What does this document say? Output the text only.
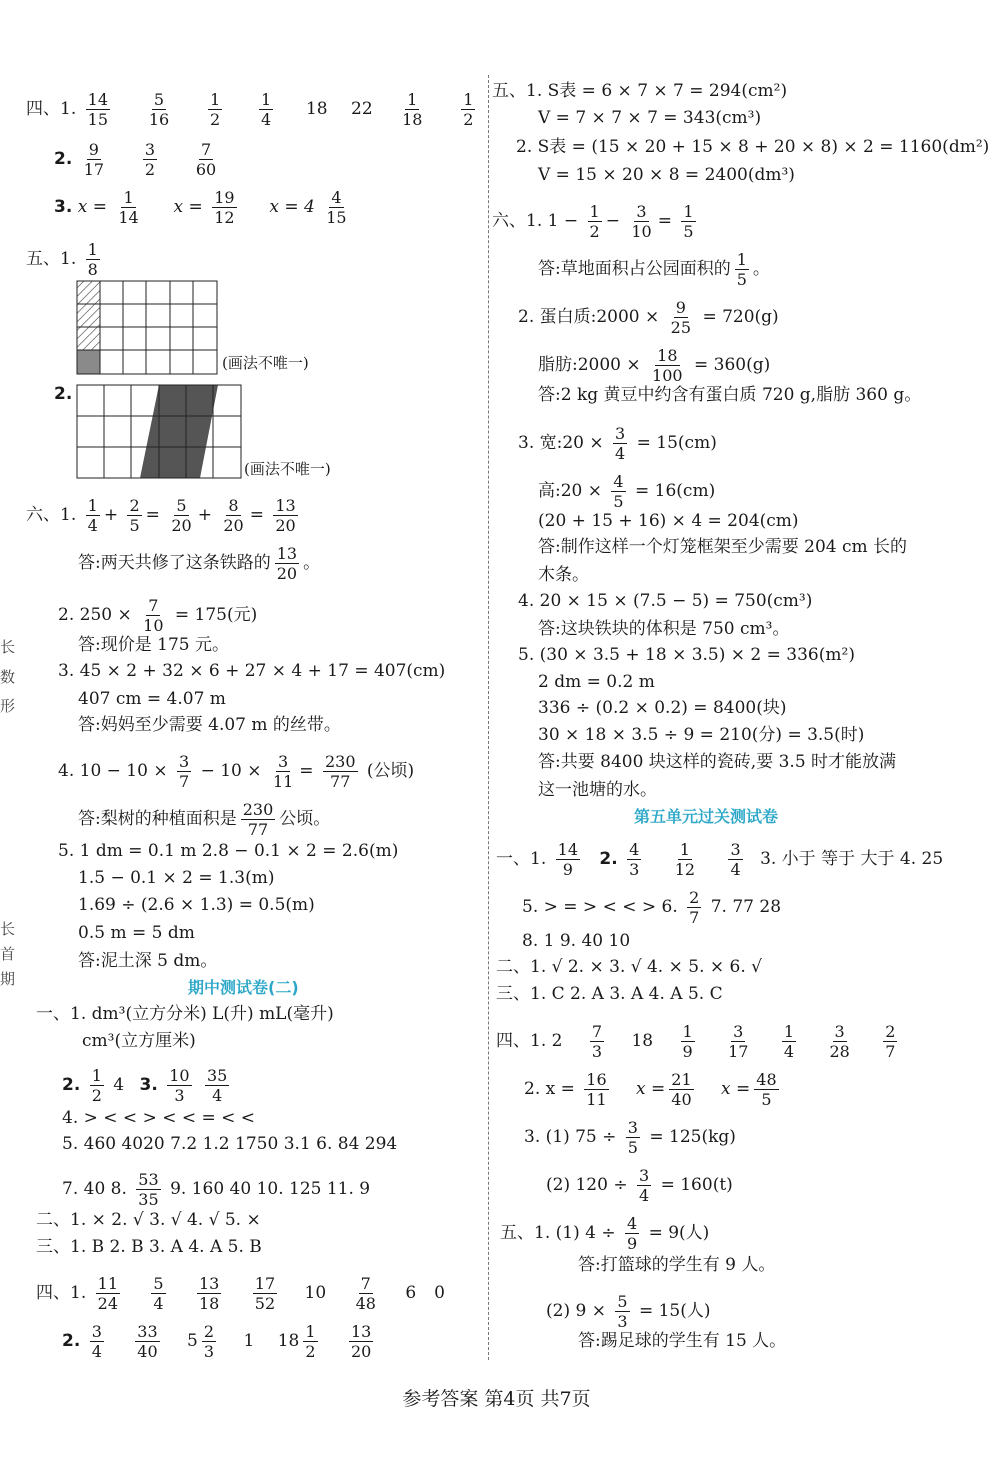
长
数
形
长
首
期
四、1. $\frac{14}{15}$
$\frac{5}{16}$
$\frac{1}{2}$
$\frac{1}{4} 18$ $22 \frac{1}{18}$
$\frac{1}{2}$
2. $\frac{9}{17}$
$\frac{3}{2}$
$\frac{7}{60}$
3. $x = \frac{1}{14}$ $x = \frac{19}{12}$ $x = 4 \frac{4}{15}$
五、1. $\frac{1}{8}$
(画法不唯一)
2.
(画法不唯一)
六、1. $\frac{1}{4} + \frac{2}{5} = \frac{5}{20} + \frac{8}{20} = \frac{13}{20}$
答:两天共修了这条铁路的 $\frac{13}{20}$ 。
2. $250 \times \frac{7}{10} = 175$(元)
答:现价是 175 元。
3. 45 × 2 + 32 × 6 + 27 × 4 + 17 = 407(cm)
407 cm = 4.07 m
答:妈妈至少需要 4.07 m 的丝带。
4. $10 - 10 \times \frac{3}{7} - 10 \times \frac{3}{11} = \frac{230}{77}$ (公顷)
答:梨树的种植面积是 $\frac{230}{77}$ 公顷。
5. 1 dm = 0.1 m 2.8 − 0.1 × 2 = 2.6(m)
1.5 − 0.1 × 2 = 1.3(m)
1.69 ÷ (2.6 × 1.3) = 0.5(m)
0.5 m = 5 dm
答:泥土深 5 dm。
期中测试卷(二)
一、1. dm³(立方分米) L(升) mL(毫升)
cm³(立方厘米)
2. $\frac{1}{2} 4$ 3. $\frac{10}{3}$
$\frac{35}{4}$
4. > < < > < < = < <
5. 460 4020 7.2 1.2 1750 3.1 6. 84 294
7. 40 8. $\frac{53}{35} 9$. 160 40 10. 125 11. 9
二、1. × 2. √ 3. √ 4. √ 5. ×
三、1. B 2. B 3. A 4. A 5. B
四、1. $\frac{11}{24}$
$\frac{5}{4}$
$\frac{13}{18}$
$\frac{17}{52} 10 \frac{7}{48} 6$ 0
2. $\frac{3}{4}$
$\frac{33}{40} 5 \frac{2}{3} 1$ $18 \frac{1}{2}$
$\frac{13}{20}$
五、1. S表 = 6 × 7 × 7 = 294(cm²)
V = 7 × 7 × 7 = 343(cm³)
2. S表 = (15 × 20 + 15 × 8 + 20 × 8) × 2 = 1160(dm²)
V = 15 × 20 × 8 = 2400(dm³)
六、1. $1 - \frac{1}{2} - \frac{3}{10} = \frac{1}{5}$
答:草地面积占公园面积的 $\frac{1}{5}$ 。
2. 蛋白质:2000 × $\frac{9}{25} = 720(g)$
脂肪:2000 × $\frac{18}{100} = 360(g)$
答:2 kg 黄豆中约含有蛋白质 720 g,脂肪 360 g。
3. 宽:20 × $\frac{3}{4} = 15(cm)$
高:20 × $\frac{4}{5} = 16(cm)$
(20 + 15 + 16) × 4 = 204(cm)
答:制作这样一个灯笼框架至少需要 204 cm 长的
木条。
4. 20 × 15 × (7.5 − 5) = 750(cm³)
答:这块铁块的体积是 750 cm³。
5. (30 × 3.5 + 18 × 3.5) × 2 = 336(m²)
2 dm = 0.2 m
336 ÷ (0.2 × 0.2) = 8400(块)
30 × 18 × 3.5 ÷ 9 = 210(分) = 3.5(时)
答:共要 8400 块这样的瓷砖,要 3.5 时才能放满
这一池塘的水。
第五单元过关测试卷
一、1. $\frac{14}{9} 2$. $\frac{4}{3}$
$\frac{1}{12}$
$\frac{3}{4} 3$. 小于 等于 大于 4. 25
5. > = > < < > 6. $\frac{2}{7} 7$. 77 28
8. 1 9. 40 10
二、1. √ 2. × 3. √ 4. × 5. × 6. √
三、1. C 2. A 3. A 4. A 5. C
四、1. $2 \frac{7}{3} 18 \frac{1}{9}$
$\frac{3}{17}$
$\frac{1}{4}$
$\frac{3}{28}$
$\frac{2}{7}$
2. $x = \frac{16}{11}$ $x = \frac{21}{40}$ $x = \frac{48}{5}$
3. (1) $75 \div \frac{3}{5} = 125(kg)$
(2) $120 \div \frac{3}{4} = 160(t)$
五、1. (1) $4 \div \frac{4}{9} = 9$(人)
答:打篮球的学生有 9 人。
(2) $9 \times \frac{5}{3} = 15$(人)
答:踢足球的学生有 15 人。
参考答案 第4页 共7页
